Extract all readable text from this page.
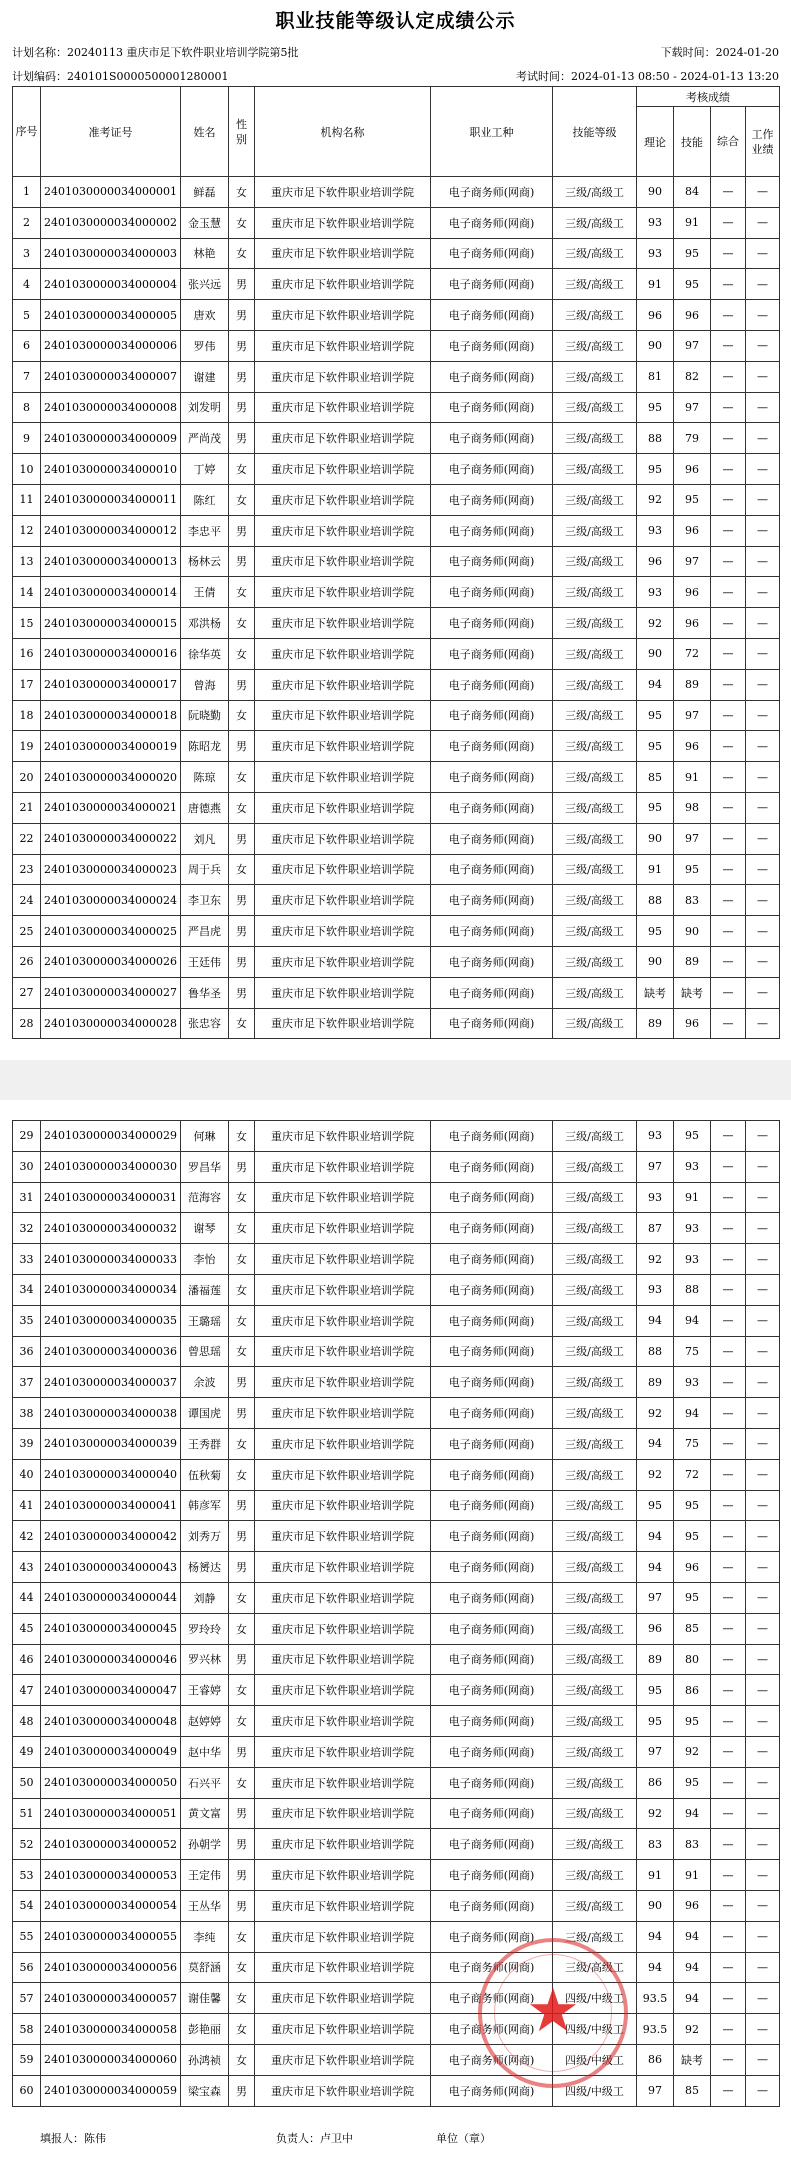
职业技能等级认定成绩公示
计划名称：20240113 重庆市足下软件职业培训学院第5批	下载时间：2024-01-20
计划编码：240101S0000500001280001	考试时间：2024-01-13 08:50 - 2024-01-13 13:20
序号	准考证号	姓名	性别	机构名称	职业工种	技能等级	考核成绩			
							理论	技能	综合	工作业绩
1	2401030000034000001	鲜磊	女	重庆市足下软件职业培训学院	电子商务师(网商)	三级/高级工	90	84	—	—
2	2401030000034000002	金玉慧	女	重庆市足下软件职业培训学院	电子商务师(网商)	三级/高级工	93	91	—	—
3	2401030000034000003	林艳	女	重庆市足下软件职业培训学院	电子商务师(网商)	三级/高级工	93	95	—	—
4	2401030000034000004	张兴远	男	重庆市足下软件职业培训学院	电子商务师(网商)	三级/高级工	91	95	—	—
5	2401030000034000005	唐欢	男	重庆市足下软件职业培训学院	电子商务师(网商)	三级/高级工	96	96	—	—
6	2401030000034000006	罗伟	男	重庆市足下软件职业培训学院	电子商务师(网商)	三级/高级工	90	97	—	—
7	2401030000034000007	谢建	男	重庆市足下软件职业培训学院	电子商务师(网商)	三级/高级工	81	82	—	—
8	2401030000034000008	刘发明	男	重庆市足下软件职业培训学院	电子商务师(网商)	三级/高级工	95	97	—	—
9	2401030000034000009	严尚茂	男	重庆市足下软件职业培训学院	电子商务师(网商)	三级/高级工	88	79	—	—
10	2401030000034000010	丁婷	女	重庆市足下软件职业培训学院	电子商务师(网商)	三级/高级工	95	96	—	—
11	2401030000034000011	陈红	女	重庆市足下软件职业培训学院	电子商务师(网商)	三级/高级工	92	95	—	—
12	2401030000034000012	李忠平	男	重庆市足下软件职业培训学院	电子商务师(网商)	三级/高级工	93	96	—	—
13	2401030000034000013	杨林云	男	重庆市足下软件职业培训学院	电子商务师(网商)	三级/高级工	96	97	—	—
14	2401030000034000014	王倩	女	重庆市足下软件职业培训学院	电子商务师(网商)	三级/高级工	93	96	—	—
15	2401030000034000015	邓洪杨	女	重庆市足下软件职业培训学院	电子商务师(网商)	三级/高级工	92	96	—	—
16	2401030000034000016	徐华英	女	重庆市足下软件职业培训学院	电子商务师(网商)	三级/高级工	90	72	—	—
17	2401030000034000017	曾海	男	重庆市足下软件职业培训学院	电子商务师(网商)	三级/高级工	94	89	—	—
18	2401030000034000018	阮晓勤	女	重庆市足下软件职业培训学院	电子商务师(网商)	三级/高级工	95	97	—	—
19	2401030000034000019	陈昭龙	男	重庆市足下软件职业培训学院	电子商务师(网商)	三级/高级工	95	96	—	—
20	2401030000034000020	陈琼	女	重庆市足下软件职业培训学院	电子商务师(网商)	三级/高级工	85	91	—	—
21	2401030000034000021	唐德燕	女	重庆市足下软件职业培训学院	电子商务师(网商)	三级/高级工	95	98	—	—
22	2401030000034000022	刘凡	男	重庆市足下软件职业培训学院	电子商务师(网商)	三级/高级工	90	97	—	—
23	2401030000034000023	周于兵	女	重庆市足下软件职业培训学院	电子商务师(网商)	三级/高级工	91	95	—	—
24	2401030000034000024	李卫东	男	重庆市足下软件职业培训学院	电子商务师(网商)	三级/高级工	88	83	—	—
25	2401030000034000025	严昌虎	男	重庆市足下软件职业培训学院	电子商务师(网商)	三级/高级工	95	90	—	—
26	2401030000034000026	王廷伟	男	重庆市足下软件职业培训学院	电子商务师(网商)	三级/高级工	90	89	—	—
27	2401030000034000027	鲁华圣	男	重庆市足下软件职业培训学院	电子商务师(网商)	三级/高级工	缺考	缺考	—	—
28	2401030000034000028	张忠容	女	重庆市足下软件职业培训学院	电子商务师(网商)	三级/高级工	89	96	—	—
29	2401030000034000029	何琳	女	重庆市足下软件职业培训学院	电子商务师(网商)	三级/高级工	93	95	—	—
30	2401030000034000030	罗昌华	男	重庆市足下软件职业培训学院	电子商务师(网商)	三级/高级工	97	93	—	—
31	2401030000034000031	范海容	女	重庆市足下软件职业培训学院	电子商务师(网商)	三级/高级工	93	91	—	—
32	2401030000034000032	谢琴	女	重庆市足下软件职业培训学院	电子商务师(网商)	三级/高级工	87	93	—	—
33	2401030000034000033	李怡	女	重庆市足下软件职业培训学院	电子商务师(网商)	三级/高级工	92	93	—	—
34	2401030000034000034	潘福莲	女	重庆市足下软件职业培训学院	电子商务师(网商)	三级/高级工	93	88	—	—
35	2401030000034000035	王璐瑶	女	重庆市足下软件职业培训学院	电子商务师(网商)	三级/高级工	94	94	—	—
36	2401030000034000036	曾思瑶	女	重庆市足下软件职业培训学院	电子商务师(网商)	三级/高级工	88	75	—	—
37	2401030000034000037	余波	男	重庆市足下软件职业培训学院	电子商务师(网商)	三级/高级工	89	93	—	—
38	2401030000034000038	谭国虎	男	重庆市足下软件职业培训学院	电子商务师(网商)	三级/高级工	92	94	—	—
39	2401030000034000039	王秀群	女	重庆市足下软件职业培训学院	电子商务师(网商)	三级/高级工	94	75	—	—
40	2401030000034000040	伍秋菊	女	重庆市足下软件职业培训学院	电子商务师(网商)	三级/高级工	92	72	—	—
41	2401030000034000041	韩彦军	男	重庆市足下软件职业培训学院	电子商务师(网商)	三级/高级工	95	95	—	—
42	2401030000034000042	刘秀万	男	重庆市足下软件职业培训学院	电子商务师(网商)	三级/高级工	94	95	—	—
43	2401030000034000043	杨赟达	男	重庆市足下软件职业培训学院	电子商务师(网商)	三级/高级工	94	96	—	—
44	2401030000034000044	刘静	女	重庆市足下软件职业培训学院	电子商务师(网商)	三级/高级工	97	95	—	—
45	2401030000034000045	罗玲玲	女	重庆市足下软件职业培训学院	电子商务师(网商)	三级/高级工	96	85	—	—
46	2401030000034000046	罗兴林	男	重庆市足下软件职业培训学院	电子商务师(网商)	三级/高级工	89	80	—	—
47	2401030000034000047	王睿婷	女	重庆市足下软件职业培训学院	电子商务师(网商)	三级/高级工	95	86	—	—
48	2401030000034000048	赵婷婷	女	重庆市足下软件职业培训学院	电子商务师(网商)	三级/高级工	95	95	—	—
49	2401030000034000049	赵中华	男	重庆市足下软件职业培训学院	电子商务师(网商)	三级/高级工	97	92	—	—
50	2401030000034000050	石兴平	女	重庆市足下软件职业培训学院	电子商务师(网商)	三级/高级工	86	95	—	—
51	2401030000034000051	黄文富	男	重庆市足下软件职业培训学院	电子商务师(网商)	三级/高级工	92	94	—	—
52	2401030000034000052	孙朝学	男	重庆市足下软件职业培训学院	电子商务师(网商)	三级/高级工	83	83	—	—
53	2401030000034000053	王定伟	男	重庆市足下软件职业培训学院	电子商务师(网商)	三级/高级工	91	91	—	—
54	2401030000034000054	王丛华	男	重庆市足下软件职业培训学院	电子商务师(网商)	三级/高级工	90	96	—	—
55	2401030000034000055	李纯	女	重庆市足下软件职业培训学院	电子商务师(网商)	三级/高级工	94	94	—	—
56	2401030000034000056	莫舒涵	女	重庆市足下软件职业培训学院	电子商务师(网商)	三级/高级工	94	94	—	—
57	2401030000034000057	谢佳馨	女	重庆市足下软件职业培训学院	电子商务师(网商)	四级/中级工	93.5	94	—	—
58	2401030000034000058	彭艳丽	女	重庆市足下软件职业培训学院	电子商务师(网商)	四级/中级工	93.5	92	—	—
59	2401030000034000060	孙鸿祯	女	重庆市足下软件职业培训学院	电子商务师(网商)	四级/中级工	86	缺考	—	—
60	2401030000034000059	梁宝森	男	重庆市足下软件职业培训学院	电子商务师(网商)	四级/中级工	97	85	—	—
填报人：陈伟	负责人：卢卫中	单位（章）
★
